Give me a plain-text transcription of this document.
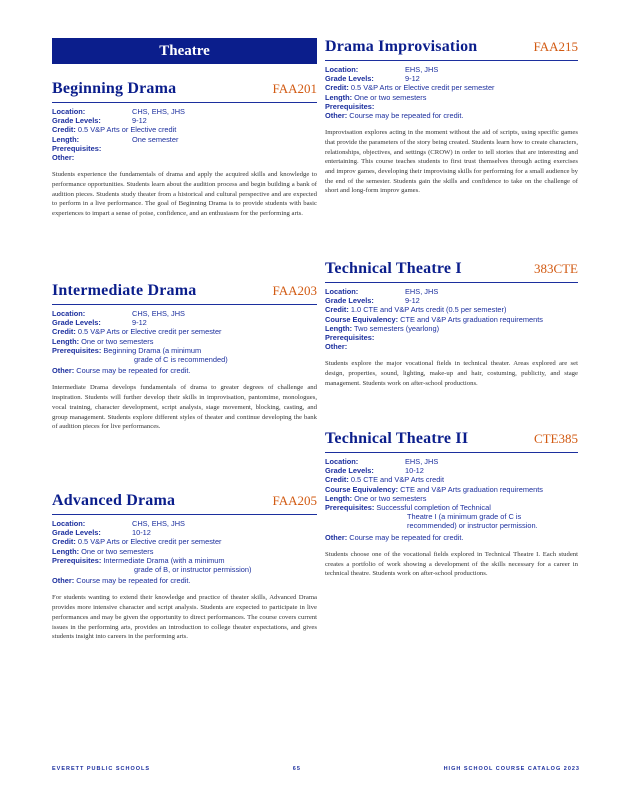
Theatre
Beginning Drama	FAA201
Location:	CHS, EHS, JHS
Grade Levels:	9-12
Credit: 0.5 V&P Arts or Elective credit
Length:	One semester
Prerequisites:
Other:

Students experience the fundamentals of drama and apply the acquired skills and knowledge to performance opportunities. Students learn about the audition process and begin building a bank of audition pieces. Students study theater from a historical and cultural perspective and are expected to perform in a live performance. The goal of Beginning Drama is to provide students with basic experiences to impart a sense of poise, confidence, and an enthusiasm for the performing arts.

Intermediate Drama	FAA203
Location:	CHS, EHS, JHS
Grade Levels:	9-12
Credit: 0.5 V&P Arts or Elective credit per semester
Length: One or two semesters
Prerequisites: Beginning Drama (a minimum
grade of C is recommended)
Other: Course may be repeated for credit.

Intermediate Drama develops fundamentals of drama to greater degrees of challenge and inspiration. Students will further develop their skills in improvisation, pantomime, monologues, vocal training, character development, script analysis, stage movement, blocking, casting, and group management. Students explore different styles of theater and continue developing the bank of audition pieces for live performances.

Advanced Drama	FAA205
Location:	CHS, EHS, JHS
Grade Levels:	10-12
Credit: 0.5 V&P Arts or Elective credit per semester
Length: One or two semesters
Prerequisites: Intermediate Drama (with a minimum
grade of B, or instructor permission)
Other: Course may be repeated for credit.

For students wanting to extend their knowledge and practice of theater skills, Advanced Drama provides more intensive character and script analysis. Students are expected to participate in live performances and may be given the opportunity to direct performances. The course covers current issues in the performing arts, provides an introduction to college theater expectations, and gives students insight into careers in the performing arts.

Drama Improvisation	FAA215
Location:	EHS, JHS
Grade Levels:	9-12
Credit: 0.5 V&P Arts or Elective credit per semester
Length: One or two semesters
Prerequisites:
Other: Course may be repeated for credit.

Improvisation explores acting in the moment without the aid of scripts, using specific games that provide the parameters of the story being created. Students learn how to create characters, relationships, objectives, and settings (CROW) in order to tell stories that are interesting and entertaining. This course teaches students to first trust themselves through acting exercises and improv games, developing their improvising skills for performing for a small audience by the end of the semester. Students gain the skills and confidence to take on the challenge of short and long-form improv games.

Technical Theatre I	383CTE
Location:	EHS, JHS
Grade Levels:	9-12
Credit: 1.0 CTE and V&P Arts credit (0.5 per semester)
Course Equivalency: CTE and V&P Arts graduation requirements
Length: Two semesters (yearlong)
Prerequisites:
Other:

Students explore the major vocational fields in technical theater. Areas explored are set design, properties, sound, lighting, make-up and hair, costuming, publicity, and stage management. Students work on after-school productions.

Technical Theatre II	CTE385
Location:	EHS, JHS
Grade Levels:	10-12
Credit: 0.5 CTE and V&P Arts credit
Course Equivalency: CTE and V&P Arts graduation requirements
Length: One or two semesters
Prerequisites: Successful completion of Technical
Theatre I (a minimum grade of C is
recommended) or instructor permission.
Other: Course may be repeated for credit.

Students choose one of the vocational fields explored in Technical Theatre I. Each student creates a portfolio of work showing a development of the skills necessary for a career in technical theatre. Students work on after-school productions.

EVERETT PUBLIC SCHOOLS	65	HIGH SCHOOL COURSE CATALOG 2023
